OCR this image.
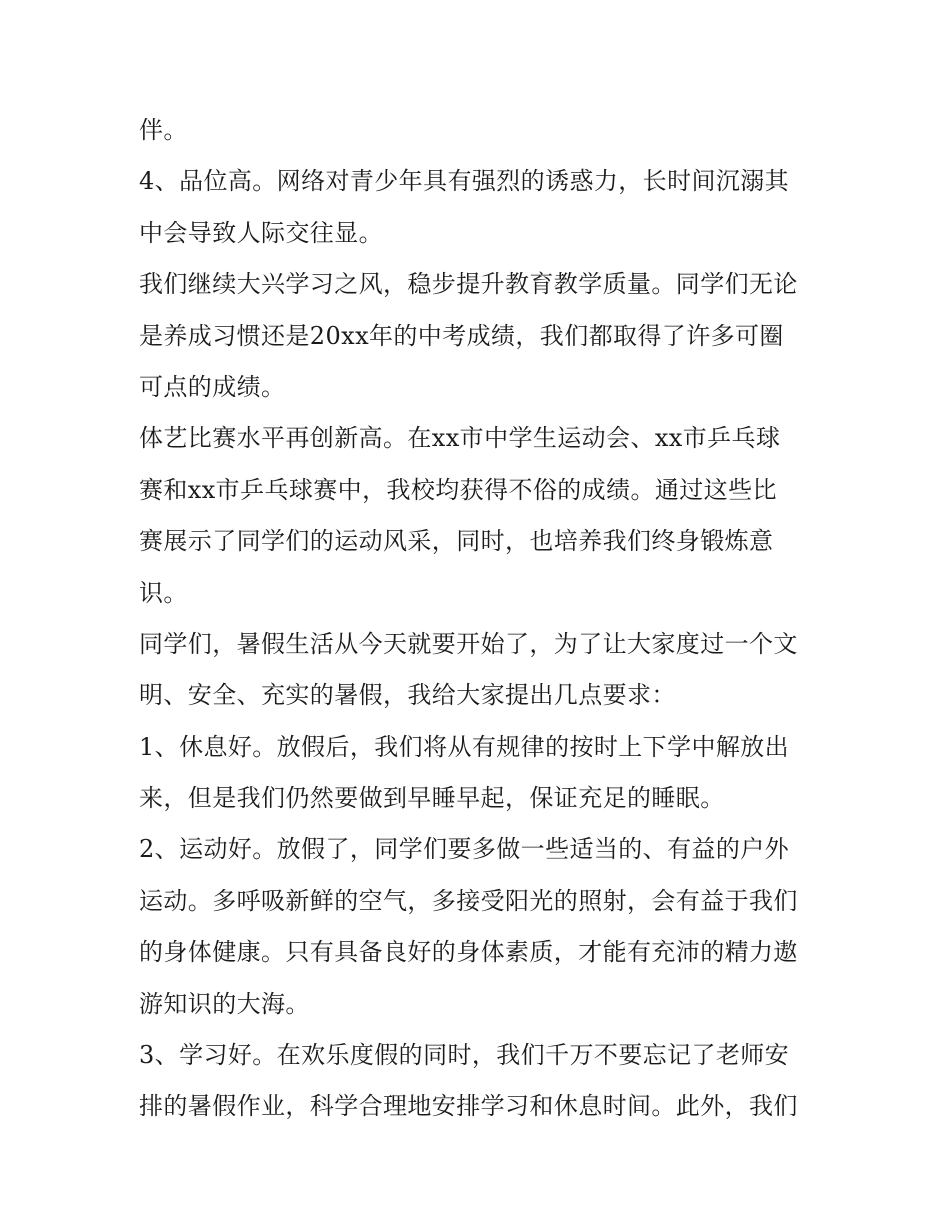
伴。
4、品位高。网络对青少年具有强烈的诱惑力，长时间沉溺其
中会导致人际交往显。
我们继续大兴学习之风，稳步提升教育教学质量。同学们无论
是养成习惯还是20xx年的中考成绩，我们都取得了许多可圈
可点的成绩。
体艺比赛水平再创新高。在xx市中学生运动会、xx市乒乓球
赛和xx市乒乓球赛中，我校均获得不俗的成绩。通过这些比
赛展示了同学们的运动风采，同时，也培养我们终身锻炼意
识。
同学们，暑假生活从今天就要开始了，为了让大家度过一个文
明、安全、充实的暑假，我给大家提出几点要求：
1、休息好。放假后，我们将从有规律的按时上下学中解放出
来，但是我们仍然要做到早睡早起，保证充足的睡眠。
2、运动好。放假了，同学们要多做一些适当的、有益的户外
运动。多呼吸新鲜的空气，多接受阳光的照射，会有益于我们
的身体健康。只有具备良好的身体素质，才能有充沛的精力遨
游知识的大海。
3、学习好。在欢乐度假的同时，我们千万不要忘记了老师安
排的暑假作业，科学合理地安排学习和休息时间。此外，我们
